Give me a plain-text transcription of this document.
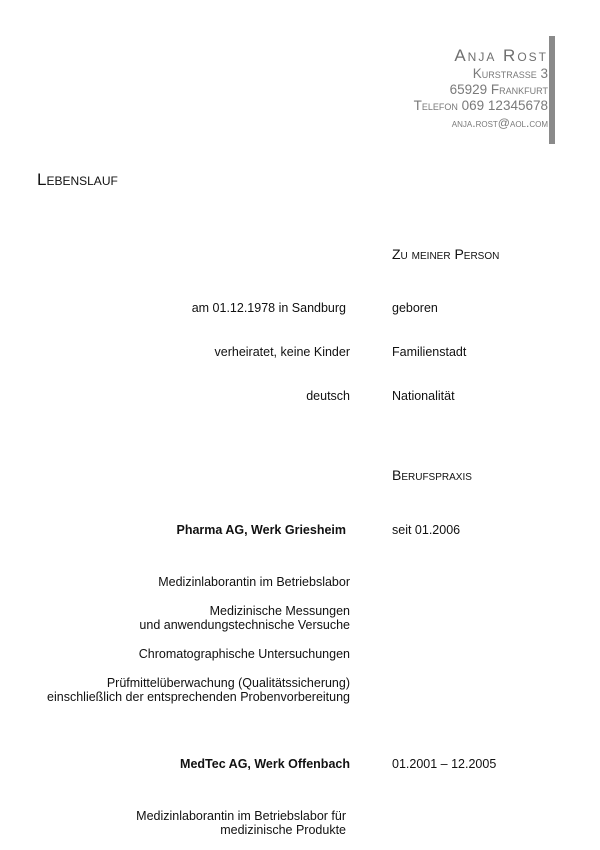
Anja Rost
Kurstrasse 3
65929 Frankfurt
Telefon 069 12345678
anja.rost@aol.com
Lebenslauf
Zu meiner Person
am 01.12.1978 in Sandburg	geboren
verheiratet, keine Kinder	Familienstadt
deutsch	Nationalität
Berufspraxis
Pharma AG, Werk Griesheim	seit 01.2006
Medizinlaborantin im Betriebslabor
Medizinische Messungen
und anwendungstechnische Versuche
Chromatographische Untersuchungen
Prüfmittelüberwachung (Qualitätssicherung)
einschließlich der entsprechenden Probenvorbereitung
MedTec AG, Werk Offenbach	01.2001 – 12.2005
Medizinlaborantin im Betriebslabor für
medizinische Produkte
